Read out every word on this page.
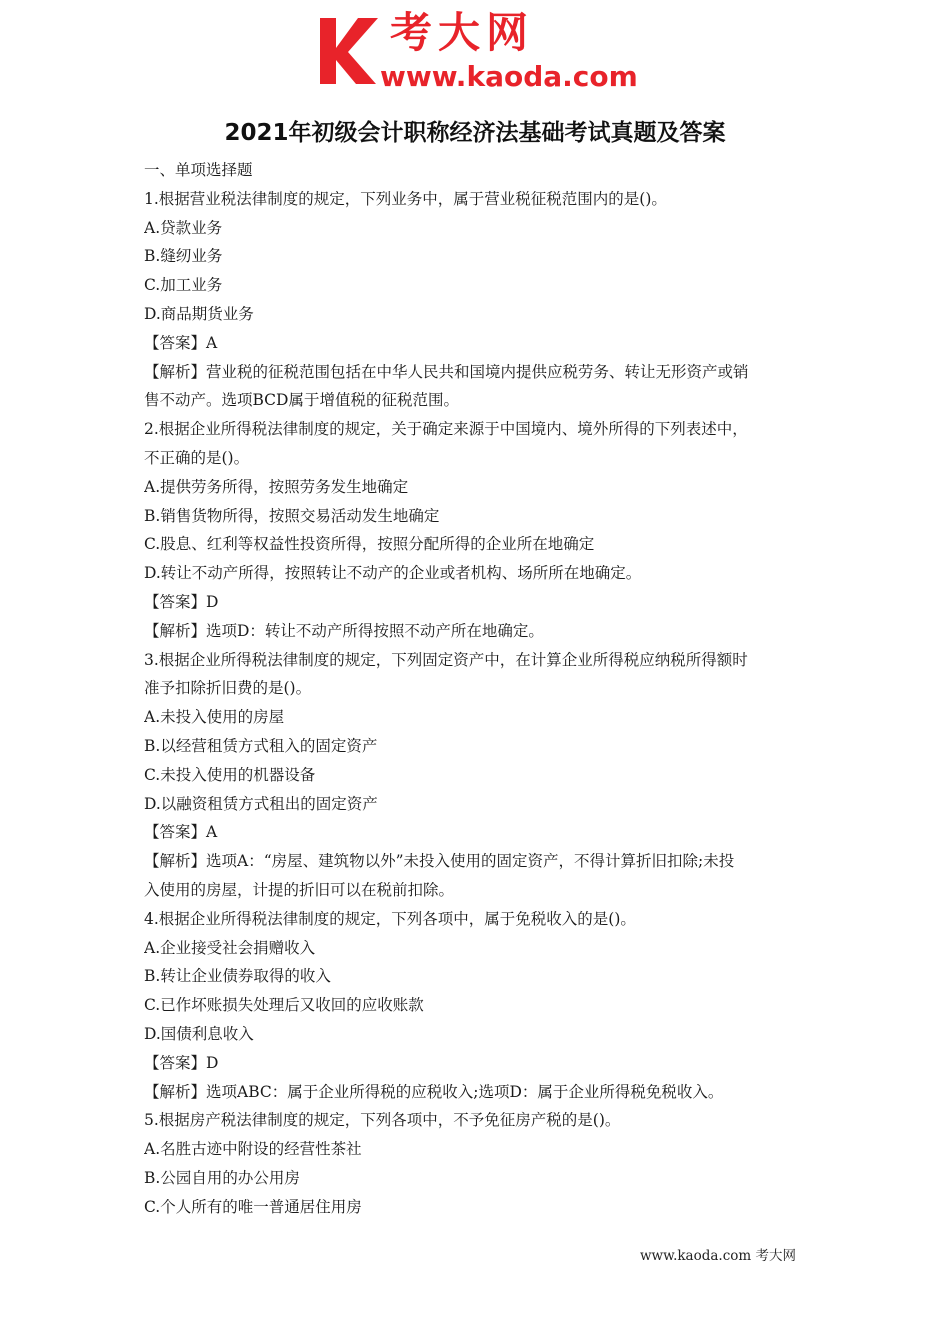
考大网
www.kaoda.com
2021年初级会计职称经济法基础考试真题及答案
一、单项选择题
1.根据营业税法律制度的规定，下列业务中，属于营业税征税范围内的是()。
A.贷款业务
B.缝纫业务
C.加工业务
D.商品期货业务
【答案】A
【解析】营业税的征税范围包括在中华人民共和国境内提供应税劳务、转让无形资产或销
售不动产。选项BCD属于增值税的征税范围。
2.根据企业所得税法律制度的规定，关于确定来源于中国境内、境外所得的下列表述中，
不正确的是()。
A.提供劳务所得，按照劳务发生地确定
B.销售货物所得，按照交易活动发生地确定
C.股息、红利等权益性投资所得，按照分配所得的企业所在地确定
D.转让不动产所得，按照转让不动产的企业或者机构、场所所在地确定。
【答案】D
【解析】选项D：转让不动产所得按照不动产所在地确定。
3.根据企业所得税法律制度的规定，下列固定资产中，在计算企业所得税应纳税所得额时
准予扣除折旧费的是()。
A.未投入使用的房屋
B.以经营租赁方式租入的固定资产
C.未投入使用的机器设备
D.以融资租赁方式租出的固定资产
【答案】A
【解析】选项A：“房屋、建筑物以外”未投入使用的固定资产，不得计算折旧扣除;未投
入使用的房屋，计提的折旧可以在税前扣除。
4.根据企业所得税法律制度的规定，下列各项中，属于免税收入的是()。
A.企业接受社会捐赠收入
B.转让企业债券取得的收入
C.已作坏账损失处理后又收回的应收账款
D.国债利息收入
【答案】D
【解析】选项ABC：属于企业所得税的应税收入;选项D：属于企业所得税免税收入。
5.根据房产税法律制度的规定，下列各项中，不予免征房产税的是()。
A.名胜古迹中附设的经营性茶社
B.公园自用的办公用房
C.个人所有的唯一普通居住用房
www.kaoda.com 考大网
